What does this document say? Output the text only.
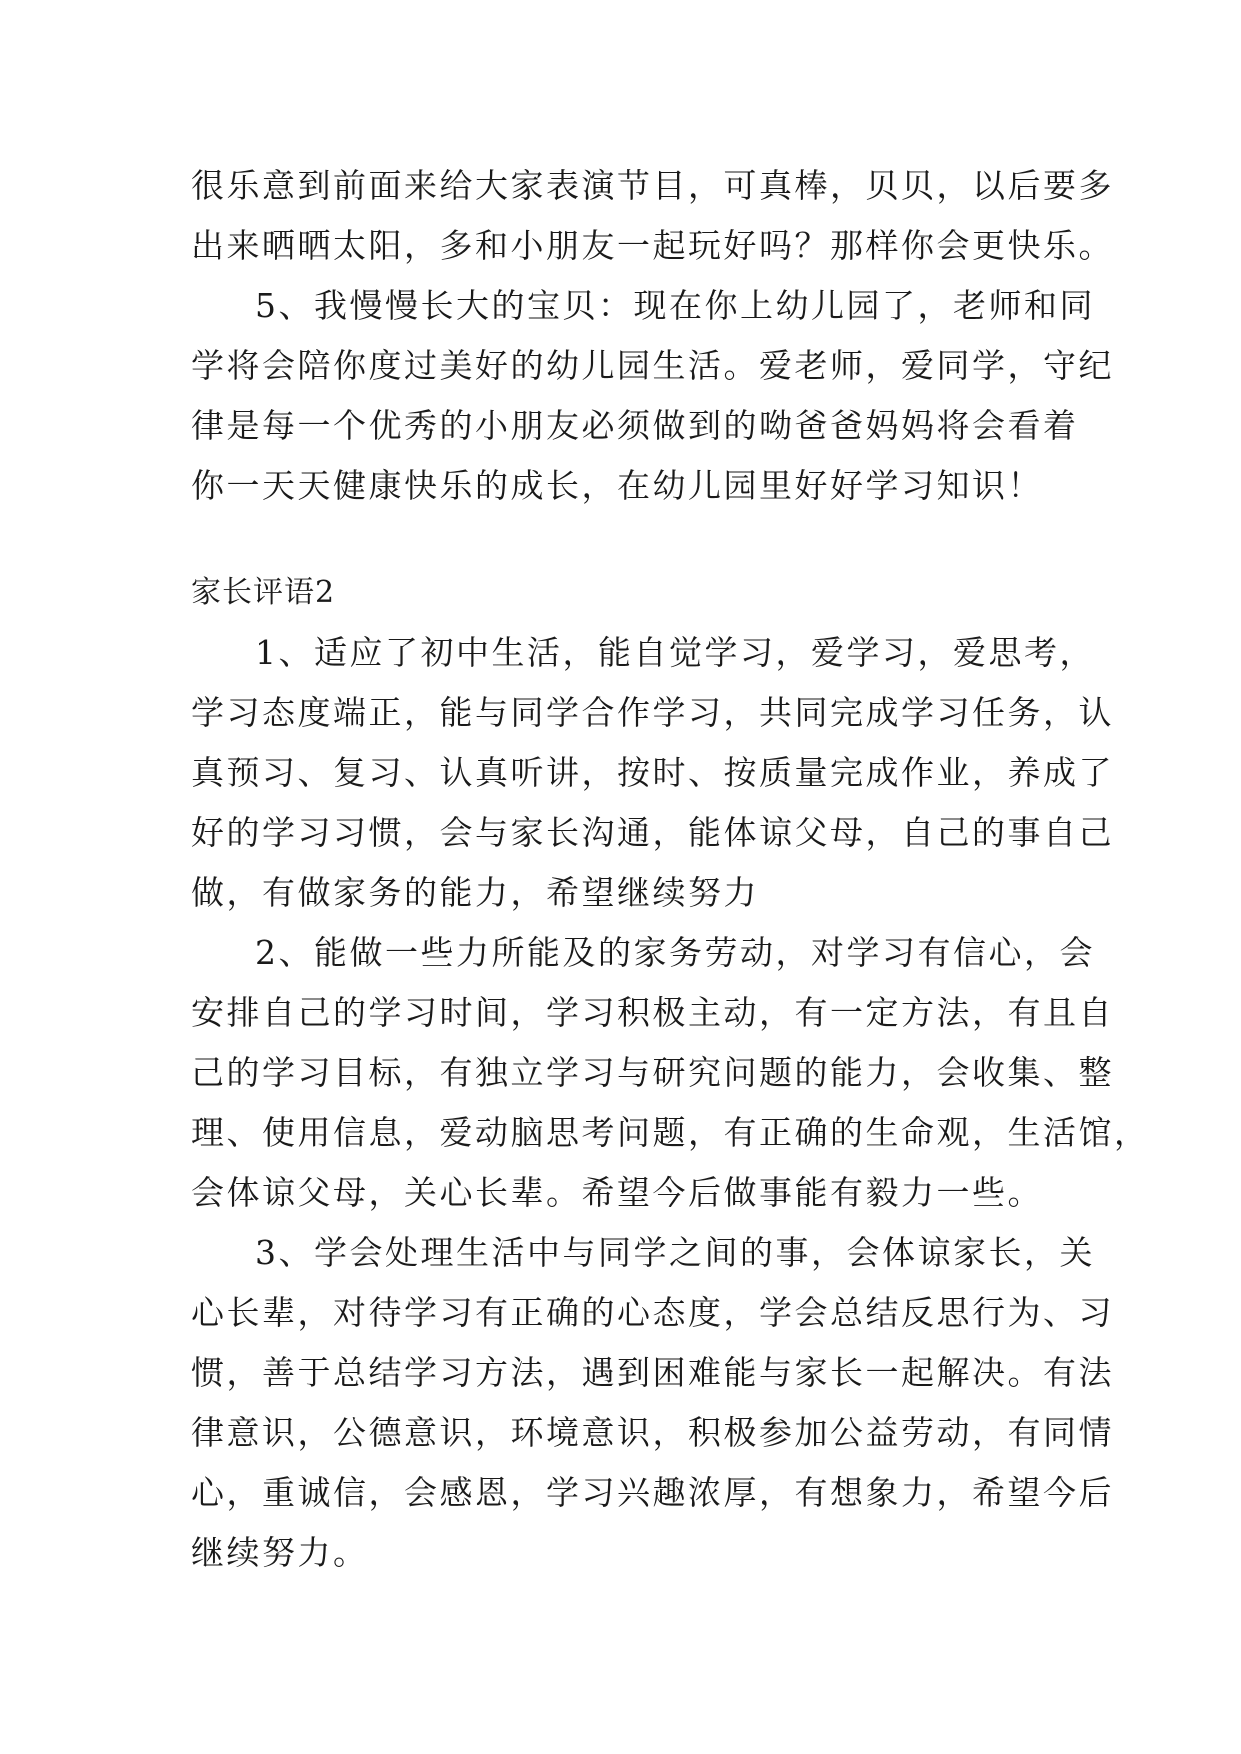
很乐意到前面来给大家表演节目，可真棒，贝贝，以后要多
出来晒晒太阳，多和小朋友一起玩好吗？那样你会更快乐。
5、我慢慢长大的宝贝：现在你上幼儿园了，老师和同
学将会陪你度过美好的幼儿园生活。爱老师，爱同学，守纪
律是每一个优秀的小朋友必须做到的呦爸爸妈妈将会看着
你一天天健康快乐的成长，在幼儿园里好好学习知识！
家长评语2
1、适应了初中生活，能自觉学习，爱学习，爱思考，
学习态度端正，能与同学合作学习，共同完成学习任务，认
真预习、复习、认真听讲，按时、按质量完成作业，养成了
好的学习习惯，会与家长沟通，能体谅父母，自己的事自己
做，有做家务的能力，希望继续努力
2、能做一些力所能及的家务劳动，对学习有信心，会
安排自己的学习时间，学习积极主动，有一定方法，有且自
己的学习目标，有独立学习与研究问题的能力，会收集、整
理、使用信息，爱动脑思考问题，有正确的生命观，生活馆，
会体谅父母，关心长辈。希望今后做事能有毅力一些。
3、学会处理生活中与同学之间的事，会体谅家长，关
心长辈，对待学习有正确的心态度，学会总结反思行为、习
惯，善于总结学习方法，遇到困难能与家长一起解决。有法
律意识，公德意识，环境意识，积极参加公益劳动，有同情
心，重诚信，会感恩，学习兴趣浓厚，有想象力，希望今后
继续努力。
